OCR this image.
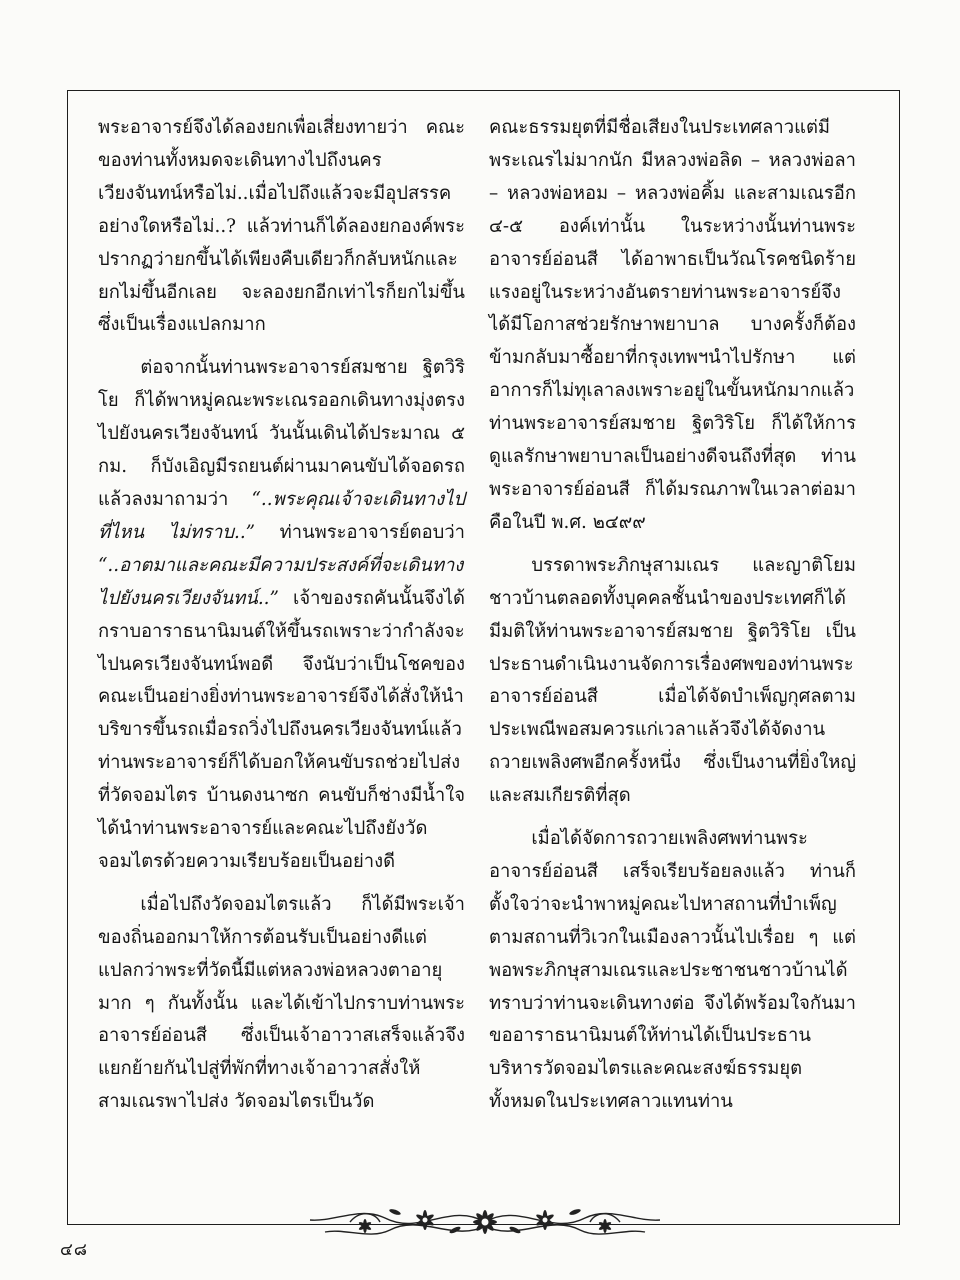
พระอาจารย์จึงได้ลองยกเพื่อเสี่ยงทายว่า คณะของท่านทั้งหมดจะเดินทางไปถึงนครเวียงจันทน์หรือไม่..เมื่อไปถึงแล้วจะมีอุปสรรคอย่างใดหรือไม่..? แล้วท่านก็ได้ลองยกองค์พระปรากฏว่ายกขึ้นได้เพียงคืบเดียวก็กลับหนักและยกไม่ขึ้นอีกเลย จะลองยกอีกเท่าไรก็ยกไม่ขึ้น ซึ่งเป็นเรื่องแปลกมาก

ต่อจากนั้นท่านพระอาจารย์สมชาย ฐิตวิริโย ก็ได้พาหมู่คณะพระเณรออกเดินทางมุ่งตรงไปยังนครเวียงจันทน์ วันนั้นเดินได้ประมาณ ๕ กม. ก็บังเอิญมีรถยนต์ผ่านมาคนขับได้จอดรถแล้วลงมาถามว่า “..พระคุณเจ้าจะเดินทางไปที่ไหน ไม่ทราบ..” ท่านพระอาจารย์ตอบว่า “..อาตมาและคณะมีความประสงค์ที่จะเดินทางไปยังนครเวียงจันทน์..” เจ้าของรถคันนั้นจึงได้กราบอาราธนานิมนต์ให้ขึ้นรถเพราะว่ากำลังจะไปนครเวียงจันทน์พอดี จึงนับว่าเป็นโชคของคณะเป็นอย่างยิ่งท่านพระอาจารย์จึงได้สั่งให้นำบริขารขึ้นรถเมื่อรถวิ่งไปถึงนครเวียงจันทน์แล้ว ท่านพระอาจารย์ก็ได้บอกให้คนขับรถช่วยไปส่งที่วัดจอมไตร บ้านดงนาซก คนขับก็ช่างมีน้ำใจ ได้นำท่านพระอาจารย์และคณะไปถึงยังวัดจอมไตรด้วยความเรียบร้อยเป็นอย่างดี

เมื่อไปถึงวัดจอมไตรแล้ว ก็ได้มีพระเจ้าของถิ่นออกมาให้การต้อนรับเป็นอย่างดีแต่แปลกว่าพระที่วัดนี้มีแต่หลวงพ่อหลวงตาอายุมาก ๆ กันทั้งนั้น และได้เข้าไปกราบท่านพระอาจารย์อ่อนสี ซึ่งเป็นเจ้าอาวาสเสร็จแล้วจึงแยกย้ายกันไปสู่ที่พักที่ทางเจ้าอาวาสสั่งให้สามเณรพาไปส่ง วัดจอมไตรเป็นวัด

คณะธรรมยุตที่มีชื่อเสียงในประเทศลาวแต่มีพระเณรไม่มากนัก มีหลวงพ่อลิด – หลวงพ่อลา – หลวงพ่อหอม – หลวงพ่อคิ้ม และสามเณรอีก ๔-๕ องค์เท่านั้น ในระหว่างนั้นท่านพระอาจารย์อ่อนสี ได้อาพาธเป็นวัณโรคชนิดร้ายแรงอยู่ในระหว่างอันตรายท่านพระอาจารย์จึงได้มีโอกาสช่วยรักษาพยาบาล บางครั้งก็ต้องข้ามกลับมาซื้อยาที่กรุงเทพฯนำไปรักษา แต่อาการก็ไม่ทุเลาลงเพราะอยู่ในขั้นหนักมากแล้ว ท่านพระอาจารย์สมชาย ฐิตวิริโย ก็ได้ให้การดูแลรักษาพยาบาลเป็นอย่างดีจนถึงที่สุด ท่านพระอาจารย์อ่อนสี ก็ได้มรณภาพในเวลาต่อมา คือในปี พ.ศ. ๒๔๙๙

บรรดาพระภิกษุสามเณร และญาติโยมชาวบ้านตลอดทั้งบุคคลชั้นนำของประเทศก็ได้มีมติให้ท่านพระอาจารย์สมชาย ฐิตวิริโย เป็นประธานดำเนินงานจัดการเรื่องศพของท่านพระอาจารย์อ่อนสี เมื่อได้จัดบำเพ็ญกุศลตามประเพณีพอสมควรแก่เวลาแล้วจึงได้จัดงานถวายเพลิงศพอีกครั้งหนึ่ง ซึ่งเป็นงานที่ยิ่งใหญ่และสมเกียรติที่สุด

เมื่อได้จัดการถวายเพลิงศพท่านพระอาจารย์อ่อนสี เสร็จเรียบร้อยลงแล้ว ท่านก็ตั้งใจว่าจะนำพาหมู่คณะไปหาสถานที่บำเพ็ญตามสถานที่วิเวกในเมืองลาวนั้นไปเรื่อย ๆ แต่พอพระภิกษุสามเณรและประชาชนชาวบ้านได้ทราบว่าท่านจะเดินทางต่อ จึงได้พร้อมใจกันมาขออาราธนานิมนต์ให้ท่านได้เป็นประธานบริหารวัดจอมไตรและคณะสงฆ์ธรรมยุตทั้งหมดในประเทศลาวแทนท่าน

๔๘
